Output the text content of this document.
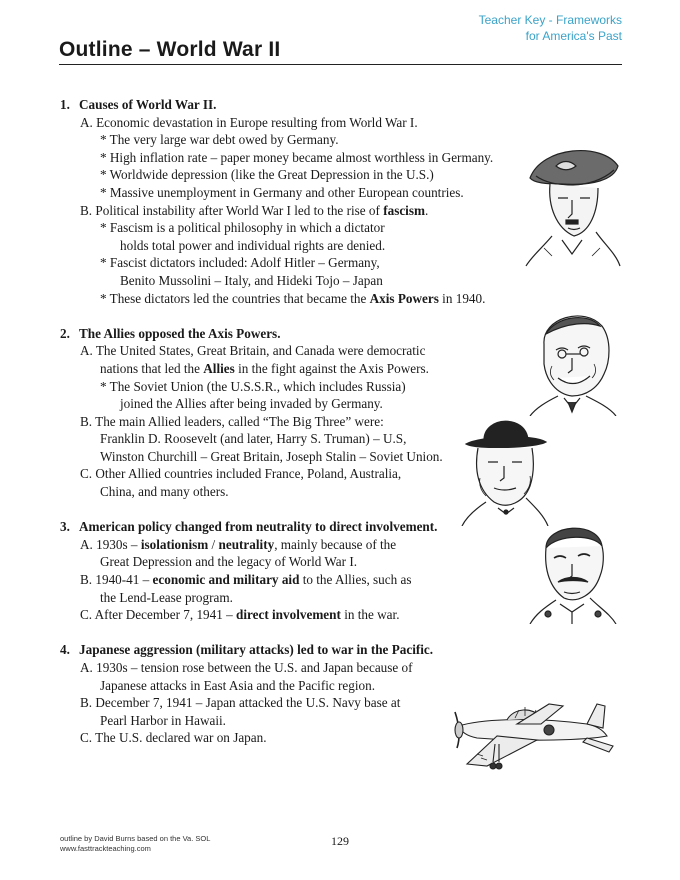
Teacher Key - Frameworks
for America's Past
Outline – World War II
1. Causes of World War II.
A. Economic devastation in Europe resulting from World War I.
* The very large war debt owed by Germany.
* High inflation rate – paper money became almost worthless in Germany.
* Worldwide depression (like the Great Depression in the U.S.)
* Massive unemployment in Germany and other European countries.
B. Political instability after World War I led to the rise of fascism.
* Fascism is a political philosophy in which a dictator
holds total power and individual rights are denied.
* Fascist dictators included: Adolf Hitler – Germany,
Benito Mussolini – Italy, and Hideki Tojo – Japan
* These dictators led the countries that became the Axis Powers in 1940.
2. The Allies opposed the Axis Powers.
A. The United States, Great Britain, and Canada were democratic
nations that led the Allies in the fight against the Axis Powers.
* The Soviet Union (the U.S.S.R., which includes Russia)
joined the Allies after being invaded by Germany.
B. The main Allied leaders, called “The Big Three” were:
Franklin D. Roosevelt (and later, Harry S. Truman) – U.S,
Winston Churchill – Great Britain, Joseph Stalin – Soviet Union.
C. Other Allied countries included France, Poland, Australia,
China, and many others.
3. American policy changed from neutrality to direct involvement.
A. 1930s – isolationism / neutrality, mainly because of the
Great Depression and the legacy of World War I.
B. 1940-41 – economic and military aid to the Allies, such as
the Lend-Lease program.
C. After December 7, 1941 – direct involvement in the war.
4. Japanese aggression (military attacks) led to war in the Pacific.
A. 1930s – tension rose between the U.S. and Japan because of
Japanese attacks in East Asia and the Pacific region.
B. December 7, 1941 – Japan attacked the U.S. Navy base at
Pearl Harbor in Hawaii.
C. The U.S. declared war on Japan.
outline by David Burns based on the Va. SOL
www.fasttrackteaching.com	129
